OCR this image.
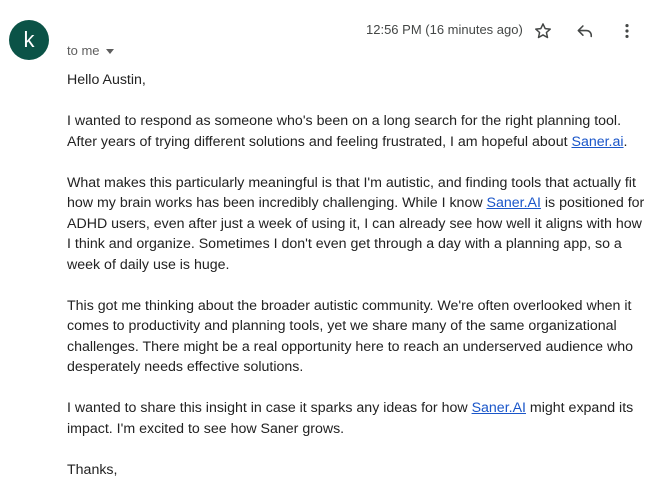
k	to me
12:56 PM (16 minutes ago)

Hello Austin,

I wanted to respond as someone who's been on a long search for the right planning tool. After years of trying different solutions and feeling frustrated, I am hopeful about Saner.ai.

What makes this particularly meaningful is that I'm autistic, and finding tools that actually fit how my brain works has been incredibly challenging. While I know Saner.AI is positioned for ADHD users, even after just a week of using it, I can already see how well it aligns with how I think and organize. Sometimes I don't even get through a day with a planning app, so a week of daily use is huge.

This got me thinking about the broader autistic community. We're often overlooked when it comes to productivity and planning tools, yet we share many of the same organizational challenges. There might be a real opportunity here to reach an underserved audience who desperately needs effective solutions.

I wanted to share this insight in case it sparks any ideas for how Saner.AI might expand its impact. I'm excited to see how Saner grows.

Thanks,
